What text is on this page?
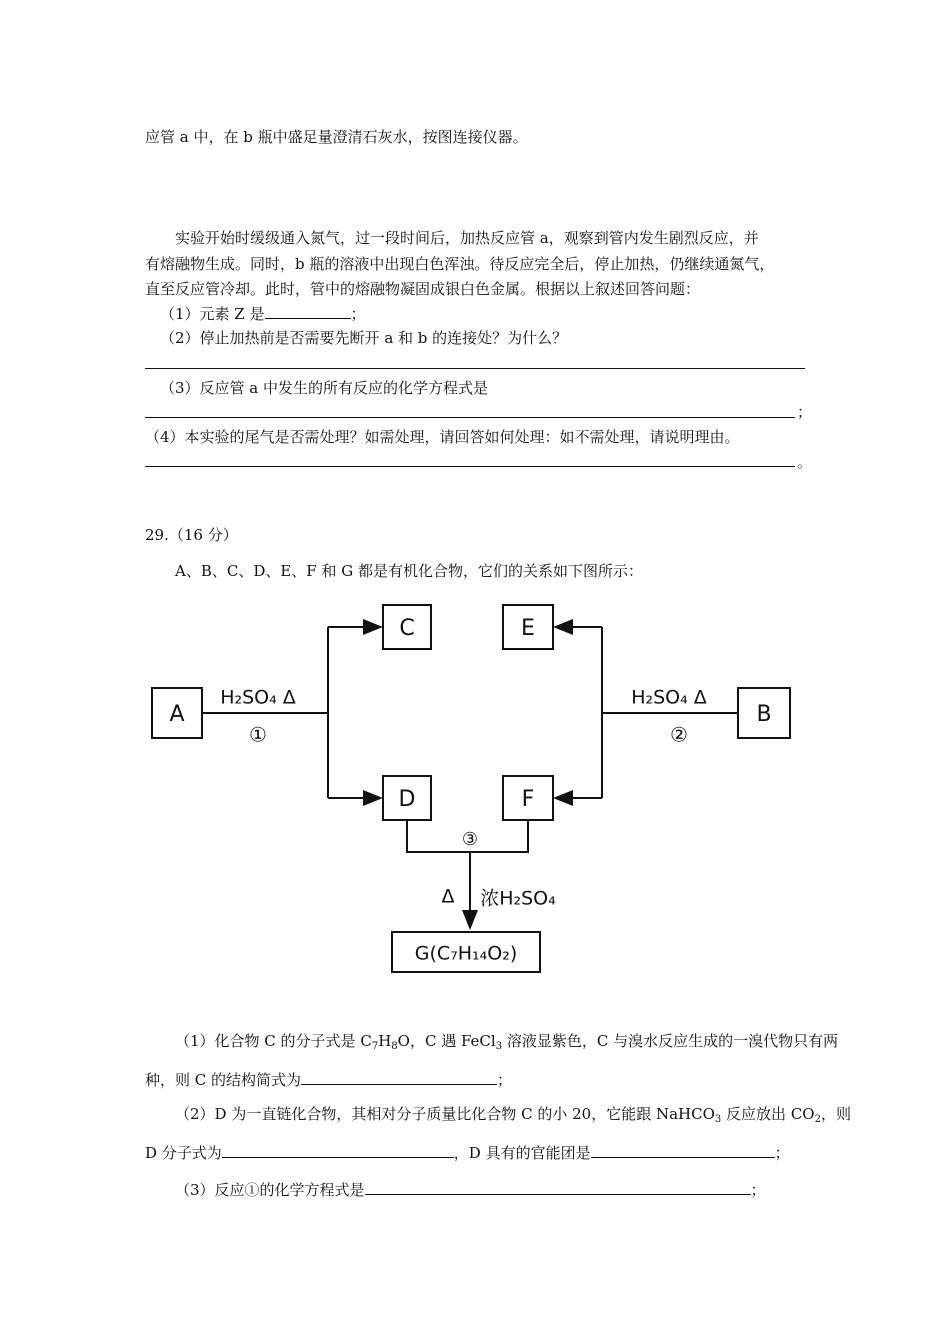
应管 a 中，在 b 瓶中盛足量澄清石灰水，按图连接仪器。
实验开始时缓级通入氮气，过一段时间后，加热反应管 a，观察到管内发生剧烈反应，并
有熔融物生成。同时，b 瓶的溶液中出现白色浑浊。待反应完全后，停止加热，仍继续通氮气，
直至反应管冷却。此时，管中的熔融物凝固成银白色金属。根据以上叙述回答问题：
（1）元素 Z 是	；
（2）停止加热前是否需要先断开 a 和 b 的连接处？为什么？
（3）反应管 a 中发生的所有反应的化学方程式是
；
（4）本实验的尾气是否需处理？如需处理，请回答如何处理：如不需处理，请说明理由。
。
29.（16 分）
A、B、C、D、E、F 和 G 都是有机化合物，它们的关系如下图所示：
A
C
D
E
F
B
G(C₇H₁₄O₂)
H₂SO₄ Δ
①
H₂SO₄ Δ
②
③
Δ 浓H₂SO₄
（1）化合物 C 的分子式是 $C_7H_8O$，C 遇 FeCl$_3$ 溶液显紫色，C 与溴水反应生成的一溴代物只有两
种，则 C 的结构简式为	；
（2）D 为一直链化合物，其相对分子质量比化合物 C 的小 20，它能跟 NaHCO$_3$ 反应放出 $CO_2$，则
D 分子式为	，D 具有的官能团是	；
（3）反应①的化学方程式是	；
